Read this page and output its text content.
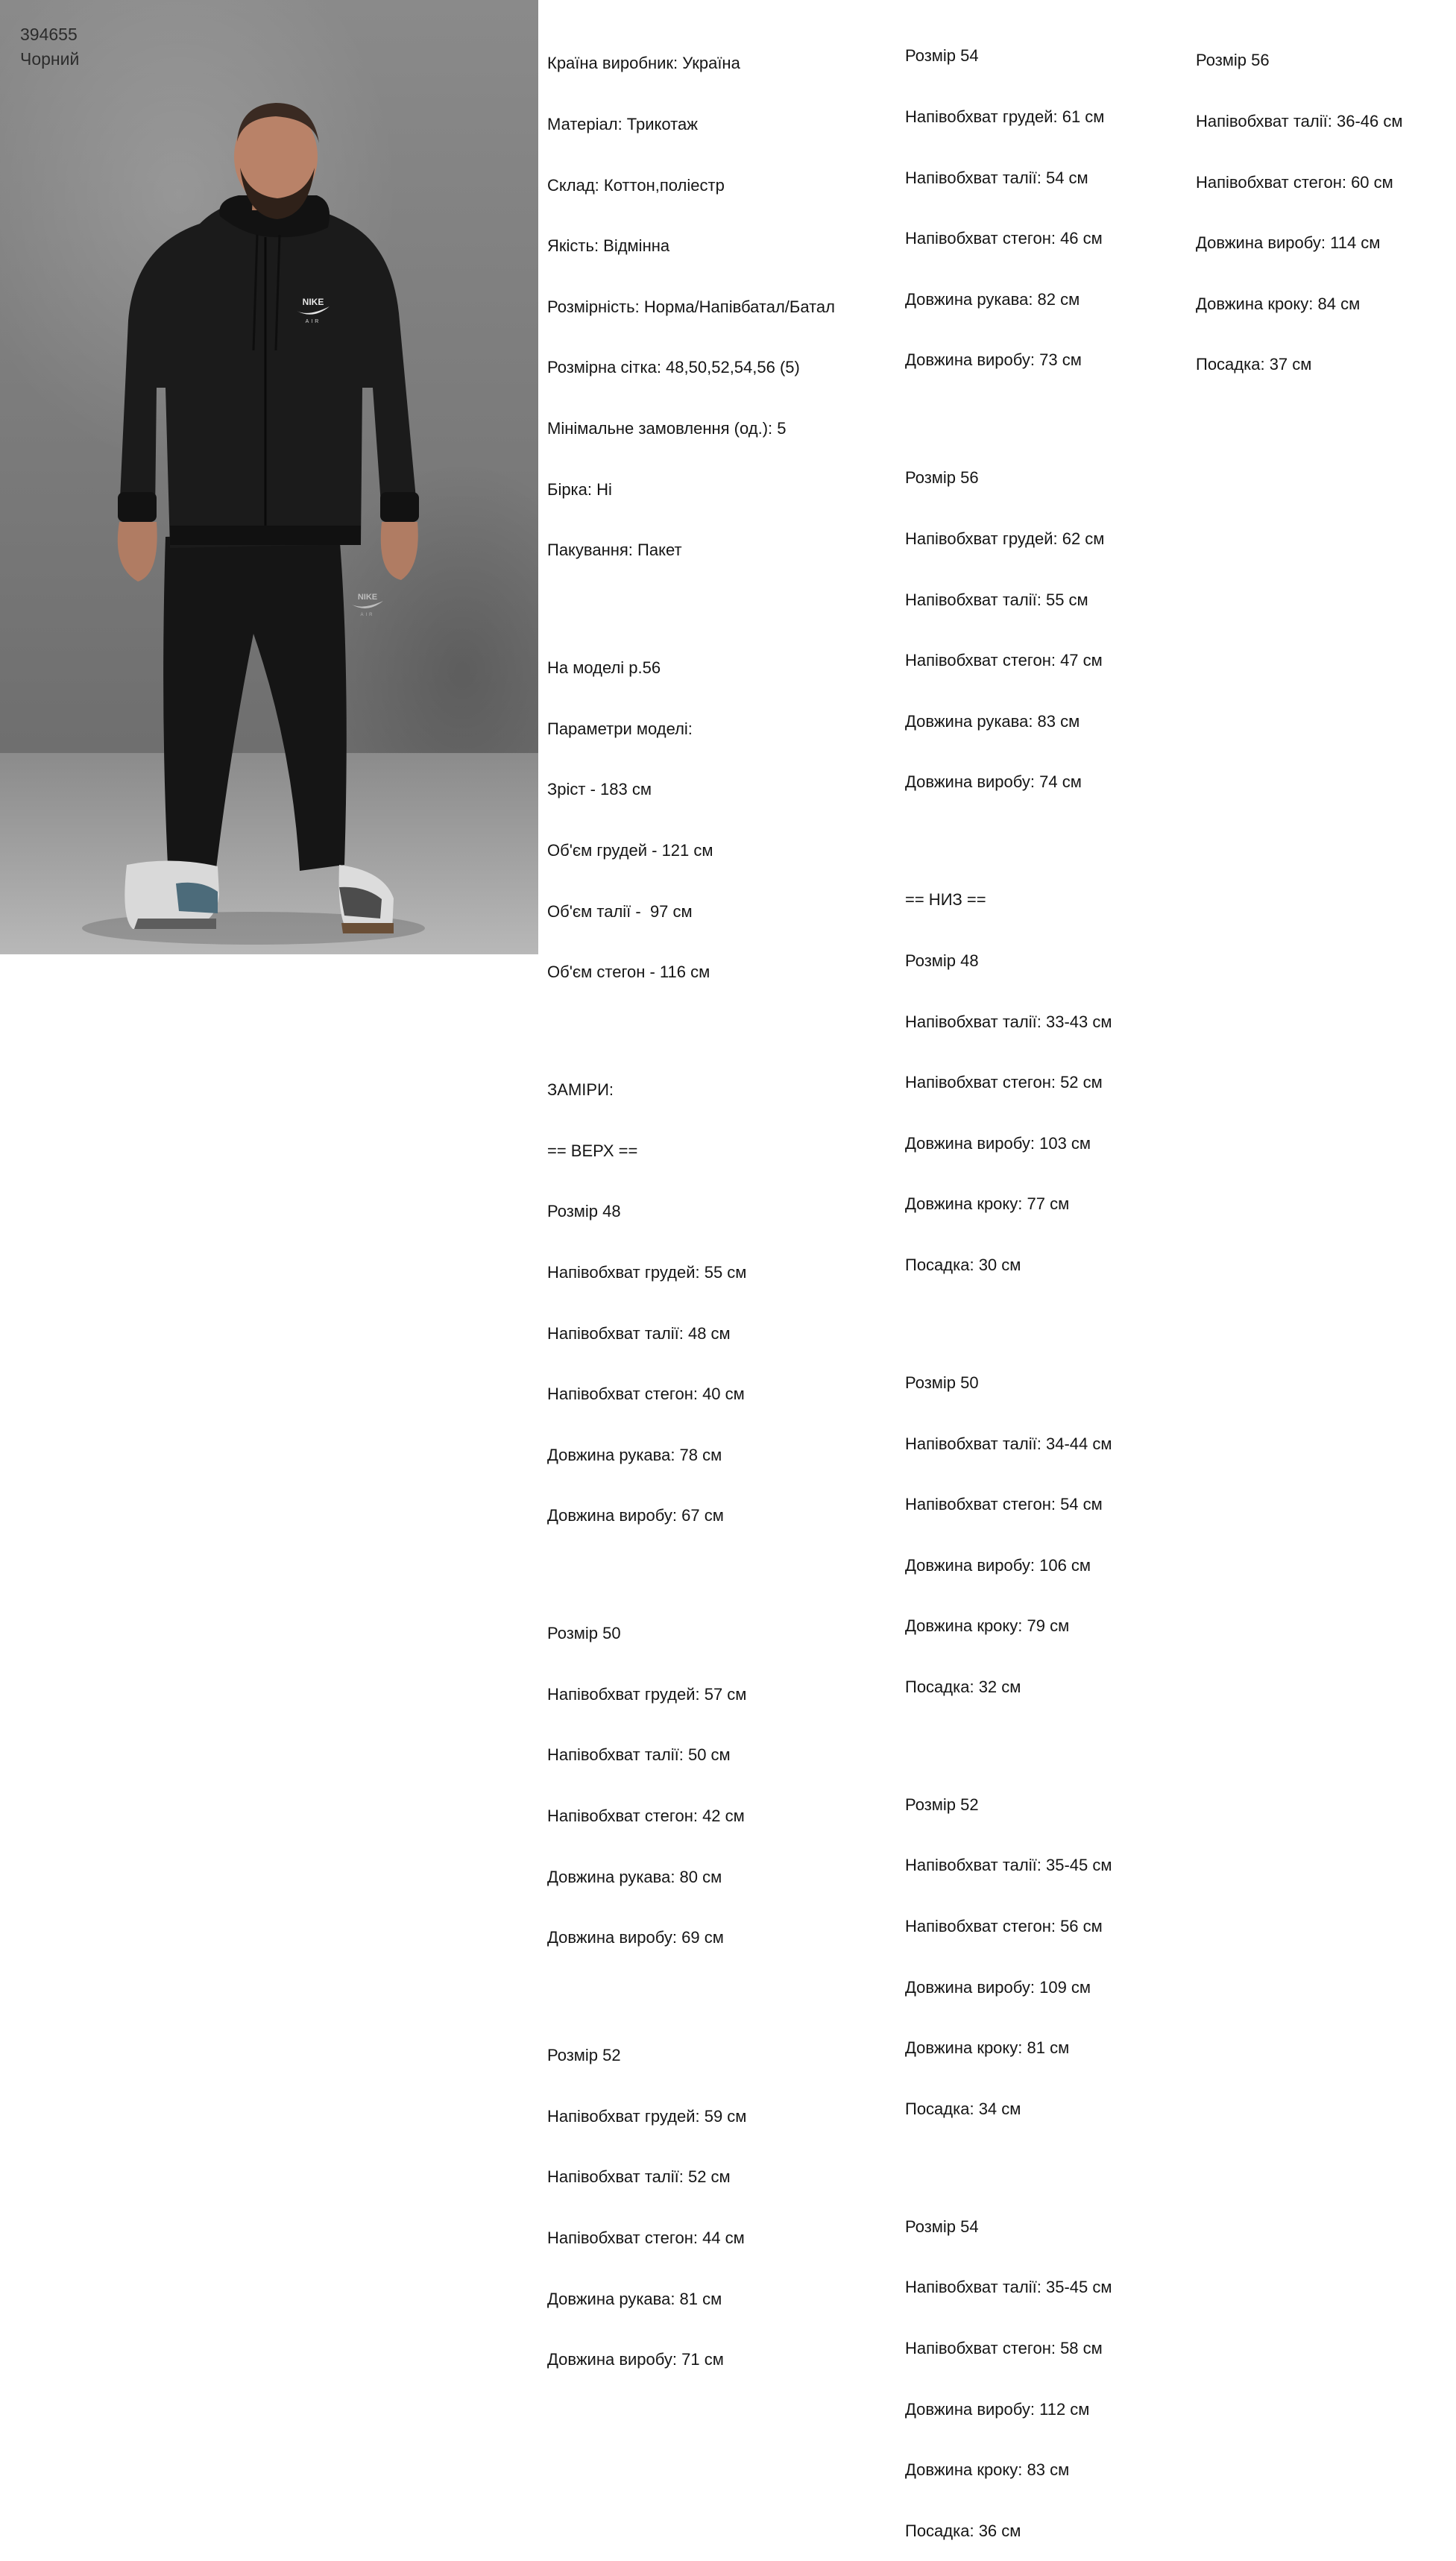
NIKE
AIR
NIKE
AIR
394655
Чорний

	Країна виробник: Україна

Матеріал: Трикотаж

Склад: Коттон,поліестр

Якість: Відмінна

Розмірність: Норма/Напівбатал/Батал

Розмірна сітка: 48,50,52,54,56 (5)

Мінімальне замовлення (од.): 5

Бірка: Ні

Пакування: Пакет

На моделі р.56

Параметри моделі:

Зріст - 183 см

Об'єм грудей - 121 см

Об'єм талії -  97 см

Об'єм стегон - 116 см

ЗАМІРИ:

== ВЕРХ ==

Розмір 48

Напівобхват грудей: 55 см

Напівобхват талії: 48 см

Напівобхват стегон: 40 см

Довжина рукава: 78 см

Довжина виробу: 67 см

Розмір 50

Напівобхват грудей: 57 см

Напівобхват талії: 50 см

Напівобхват стегон: 42 см

Довжина рукава: 80 см

Довжина виробу: 69 см

Розмір 52

Напівобхват грудей: 59 см

Напівобхват талії: 52 см

Напівобхват стегон: 44 см

Довжина рукава: 81 см

Довжина виробу: 71 см

Розмір 54

Напівобхват грудей: 61 см

Напівобхват талії: 54 см

Напівобхват стегон: 46 см

Довжина рукава: 82 см

Довжина виробу: 73 см

Розмір 56

Напівобхват грудей: 62 см

Напівобхват талії: 55 см

Напівобхват стегон: 47 см

Довжина рукава: 83 см

Довжина виробу: 74 см

== НИЗ ==

Розмір 48

Напівобхват талії: 33-43 см

Напівобхват стегон: 52 см

Довжина виробу: 103 см

Довжина кроку: 77 см

Посадка: 30 см

Розмір 50

Напівобхват талії: 34-44 см

Напівобхват стегон: 54 см

Довжина виробу: 106 см

Довжина кроку: 79 см

Посадка: 32 см

Розмір 52

Напівобхват талії: 35-45 см

Напівобхват стегон: 56 см

Довжина виробу: 109 см

Довжина кроку: 81 см

Посадка: 34 см

Розмір 54

Напівобхват талії: 35-45 см

Напівобхват стегон: 58 см

Довжина виробу: 112 см

Довжина кроку: 83 см

Посадка: 36 см

Розмір 56

Напівобхват талії: 36-46 см

Напівобхват стегон: 60 см

Довжина виробу: 114 см

Довжина кроку: 84 см

Посадка: 37 см
